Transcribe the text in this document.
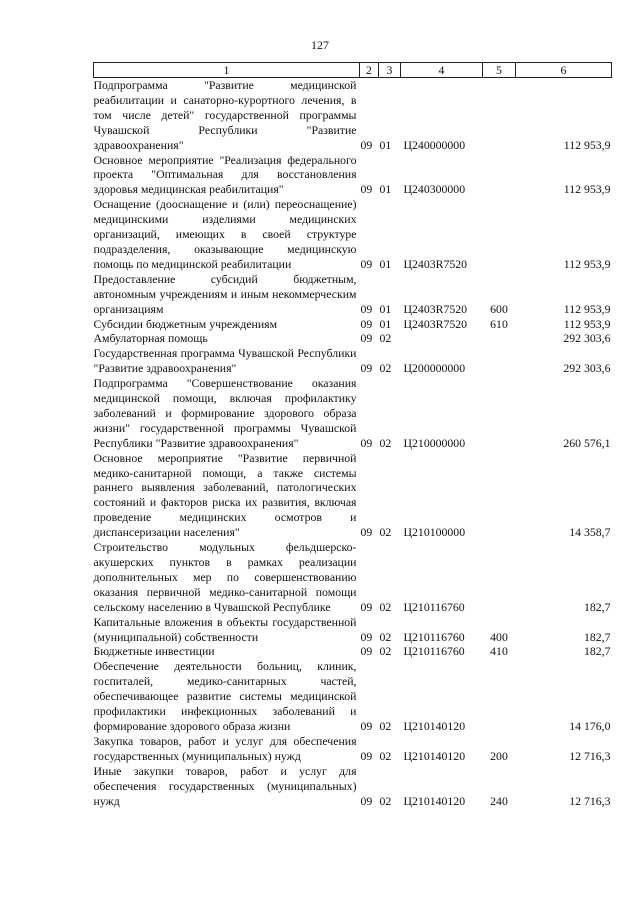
127
1	2	3	4	5	6
Подпрограмма "Развитие медицинской реабилитации и санаторно-курортного лечения, в том числе детей" государственной программы Чувашской Республики "Развитие здравоохранения"	09	01	Ц240000000		112 953,9
Основное мероприятие "Реализация федерального проекта "Оптимальная для восстановления здоровья медицинская реабилитация"	09	01	Ц240300000		112 953,9
Оснащение (дооснащение и (или) переоснащение) медицинскими изделиями медицинских организаций, имеющих в своей структуре подразделения, оказывающие медицинскую помощь по медицинской реабилитации	09	01	Ц2403R7520		112 953,9
Предоставление субсидий бюджетным, автономным учреждениям и иным некоммерческим организациям	09	01	Ц2403R7520	600	112 953,9
Субсидии бюджетным учреждениям	09	01	Ц2403R7520	610	112 953,9
Амбулаторная помощь	09	02			292 303,6
Государственная программа Чувашской Республики "Развитие здравоохранения"	09	02	Ц200000000		292 303,6
Подпрограмма "Совершенствование оказания медицинской помощи, включая профилактику заболеваний и формирование здорового образа жизни" государственной программы Чувашской Республики "Развитие здравоохранения"	09	02	Ц210000000		260 576,1
Основное мероприятие "Развитие первичной медико-санитарной помощи, а также системы раннего выявления заболеваний, патологических состояний и факторов риска их развития, включая проведение медицинских осмотров и диспансеризации населения"	09	02	Ц210100000		14 358,7
Строительство модульных фельдшерско-акушерских пунктов в рамках реализации дополнительных мер по совершенствованию оказания первичной медико-санитарной помощи сельскому населению в Чувашской Республике	09	02	Ц210116760		182,7
Капитальные вложения в объекты государственной (муниципальной) собственности	09	02	Ц210116760	400	182,7
Бюджетные инвестиции	09	02	Ц210116760	410	182,7
Обеспечение деятельности больниц, клиник, госпиталей, медико-санитарных частей, обеспечивающее развитие системы медицинской профилактики инфекционных заболеваний и формирование здорового образа жизни	09	02	Ц210140120		14 176,0
Закупка товаров, работ и услуг для обеспечения государственных (муниципальных) нужд	09	02	Ц210140120	200	12 716,3
Иные закупки товаров, работ и услуг для обеспечения государственных (муниципальных) нужд	09	02	Ц210140120	240	12 716,3
